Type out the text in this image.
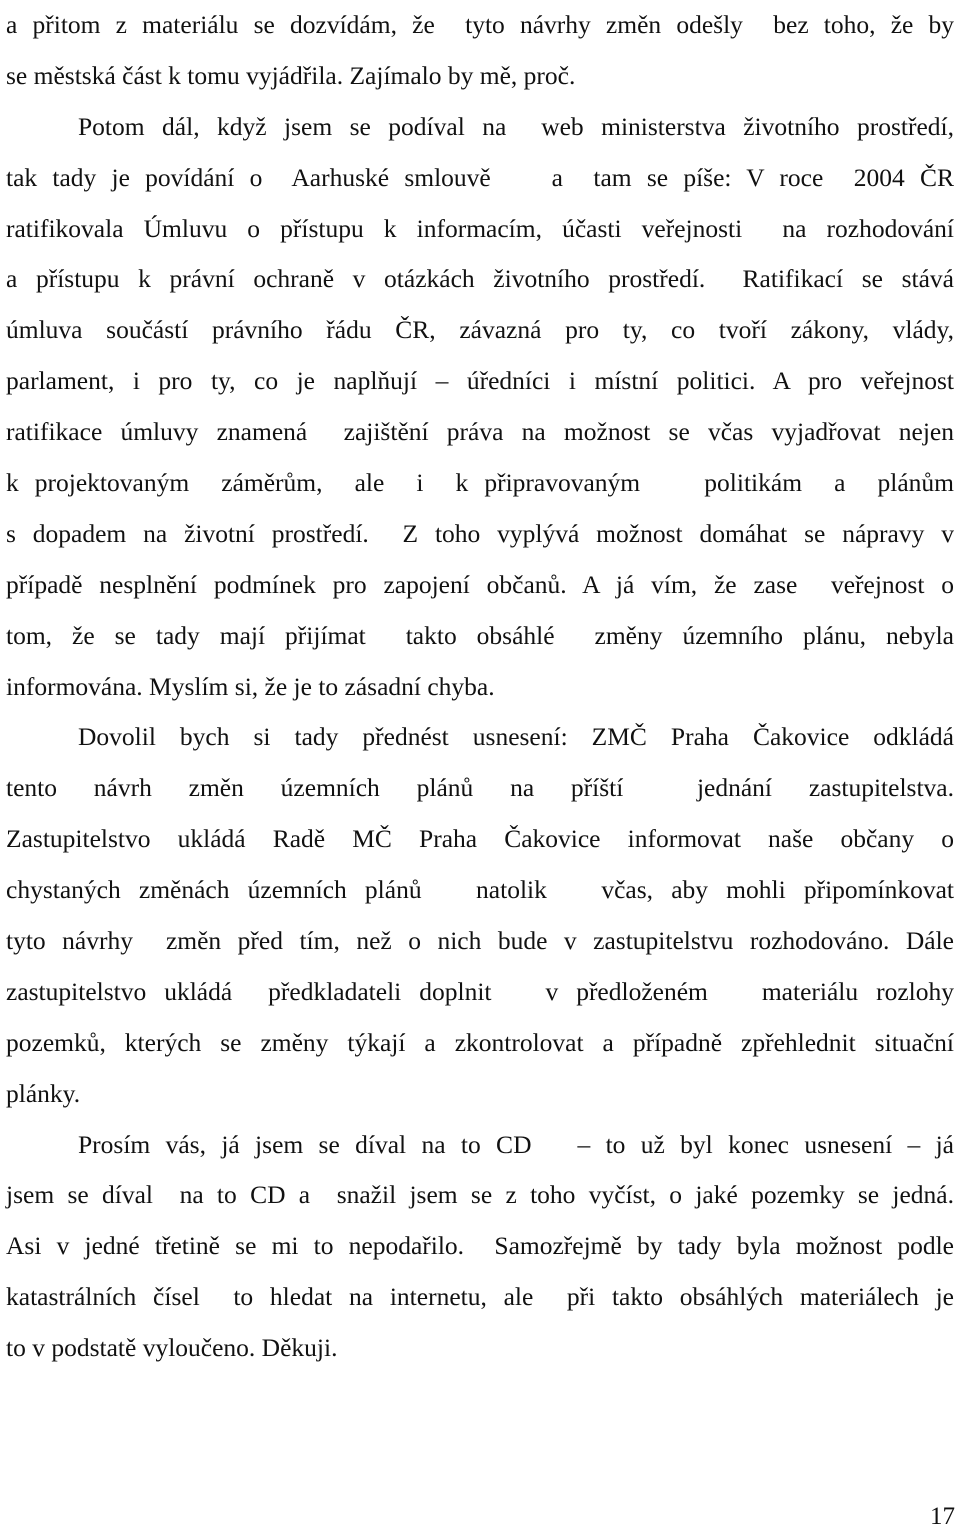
a přitom z materiálu se dozvídám, že  tyto návrhy změn odešly  bez toho, že by
se městská část k tomu vyjádřila. Zajímalo by mě, proč.
Potom dál, když jsem se podíval na  web ministerstva životního prostředí,
tak tady je povídání o  Aarhuské smlouvě    a  tam se píše: V roce  2004 ČR
ratifikovala Úmluvu o přístupu k informacím, účasti veřejnosti  na rozhodování
a přístupu k právní ochraně v otázkách životního prostředí.  Ratifikací se stává
úmluva součástí právního řádu ČR, závazná pro ty, co tvoří zákony, vlády,
parlament, i pro ty, co je naplňují – úředníci i místní politici. A pro veřejnost
ratifikace úmluvy znamená  zajištění práva na možnost se včas vyjadřovat nejen
k projektovaným  záměrům,  ale  i  k připravovaným    politikám  a  plánům
s dopadem na životní prostředí.  Z toho vyplývá možnost domáhat se nápravy v
případě nesplnění podmínek pro zapojení občanů. A já vím, že zase  veřejnost o
tom, že se tady mají přijímat  takto obsáhlé  změny územního plánu, nebyla
informována. Myslím si, že je to zásadní chyba.
Dovolil bych si tady přednést usnesení: ZMČ Praha Čakovice odkládá
tento  návrh  změn  územních  plánů  na  příští    jednání  zastupitelstva.
Zastupitelstvo  ukládá  Radě  MČ  Praha  Čakovice  informovat  naše  občany  o
chystaných změnách územních plánů   natolik   včas, aby mohli připomínkovat
tyto návrhy  změn před tím, než o nich bude v zastupitelstvu rozhodováno. Dále
zastupitelstvo ukládá  předkladateli doplnit   v předloženém   materiálu rozlohy
pozemků, kterých se změny týkají a zkontrolovat a případně zpřehlednit situační
plánky.
Prosím vás, já jsem se díval na to CD   – to už byl konec usnesení – já
jsem se díval  na to CD a  snažil jsem se z toho vyčíst, o jaké pozemky se jedná.
Asi v jedné třetině se mi to nepodařilo.  Samozřejmě by tady byla možnost podle
katastrálních čísel  to hledat na internetu, ale  při takto obsáhlých materiálech je
to v podstatě vyloučeno. Děkuji.
17
